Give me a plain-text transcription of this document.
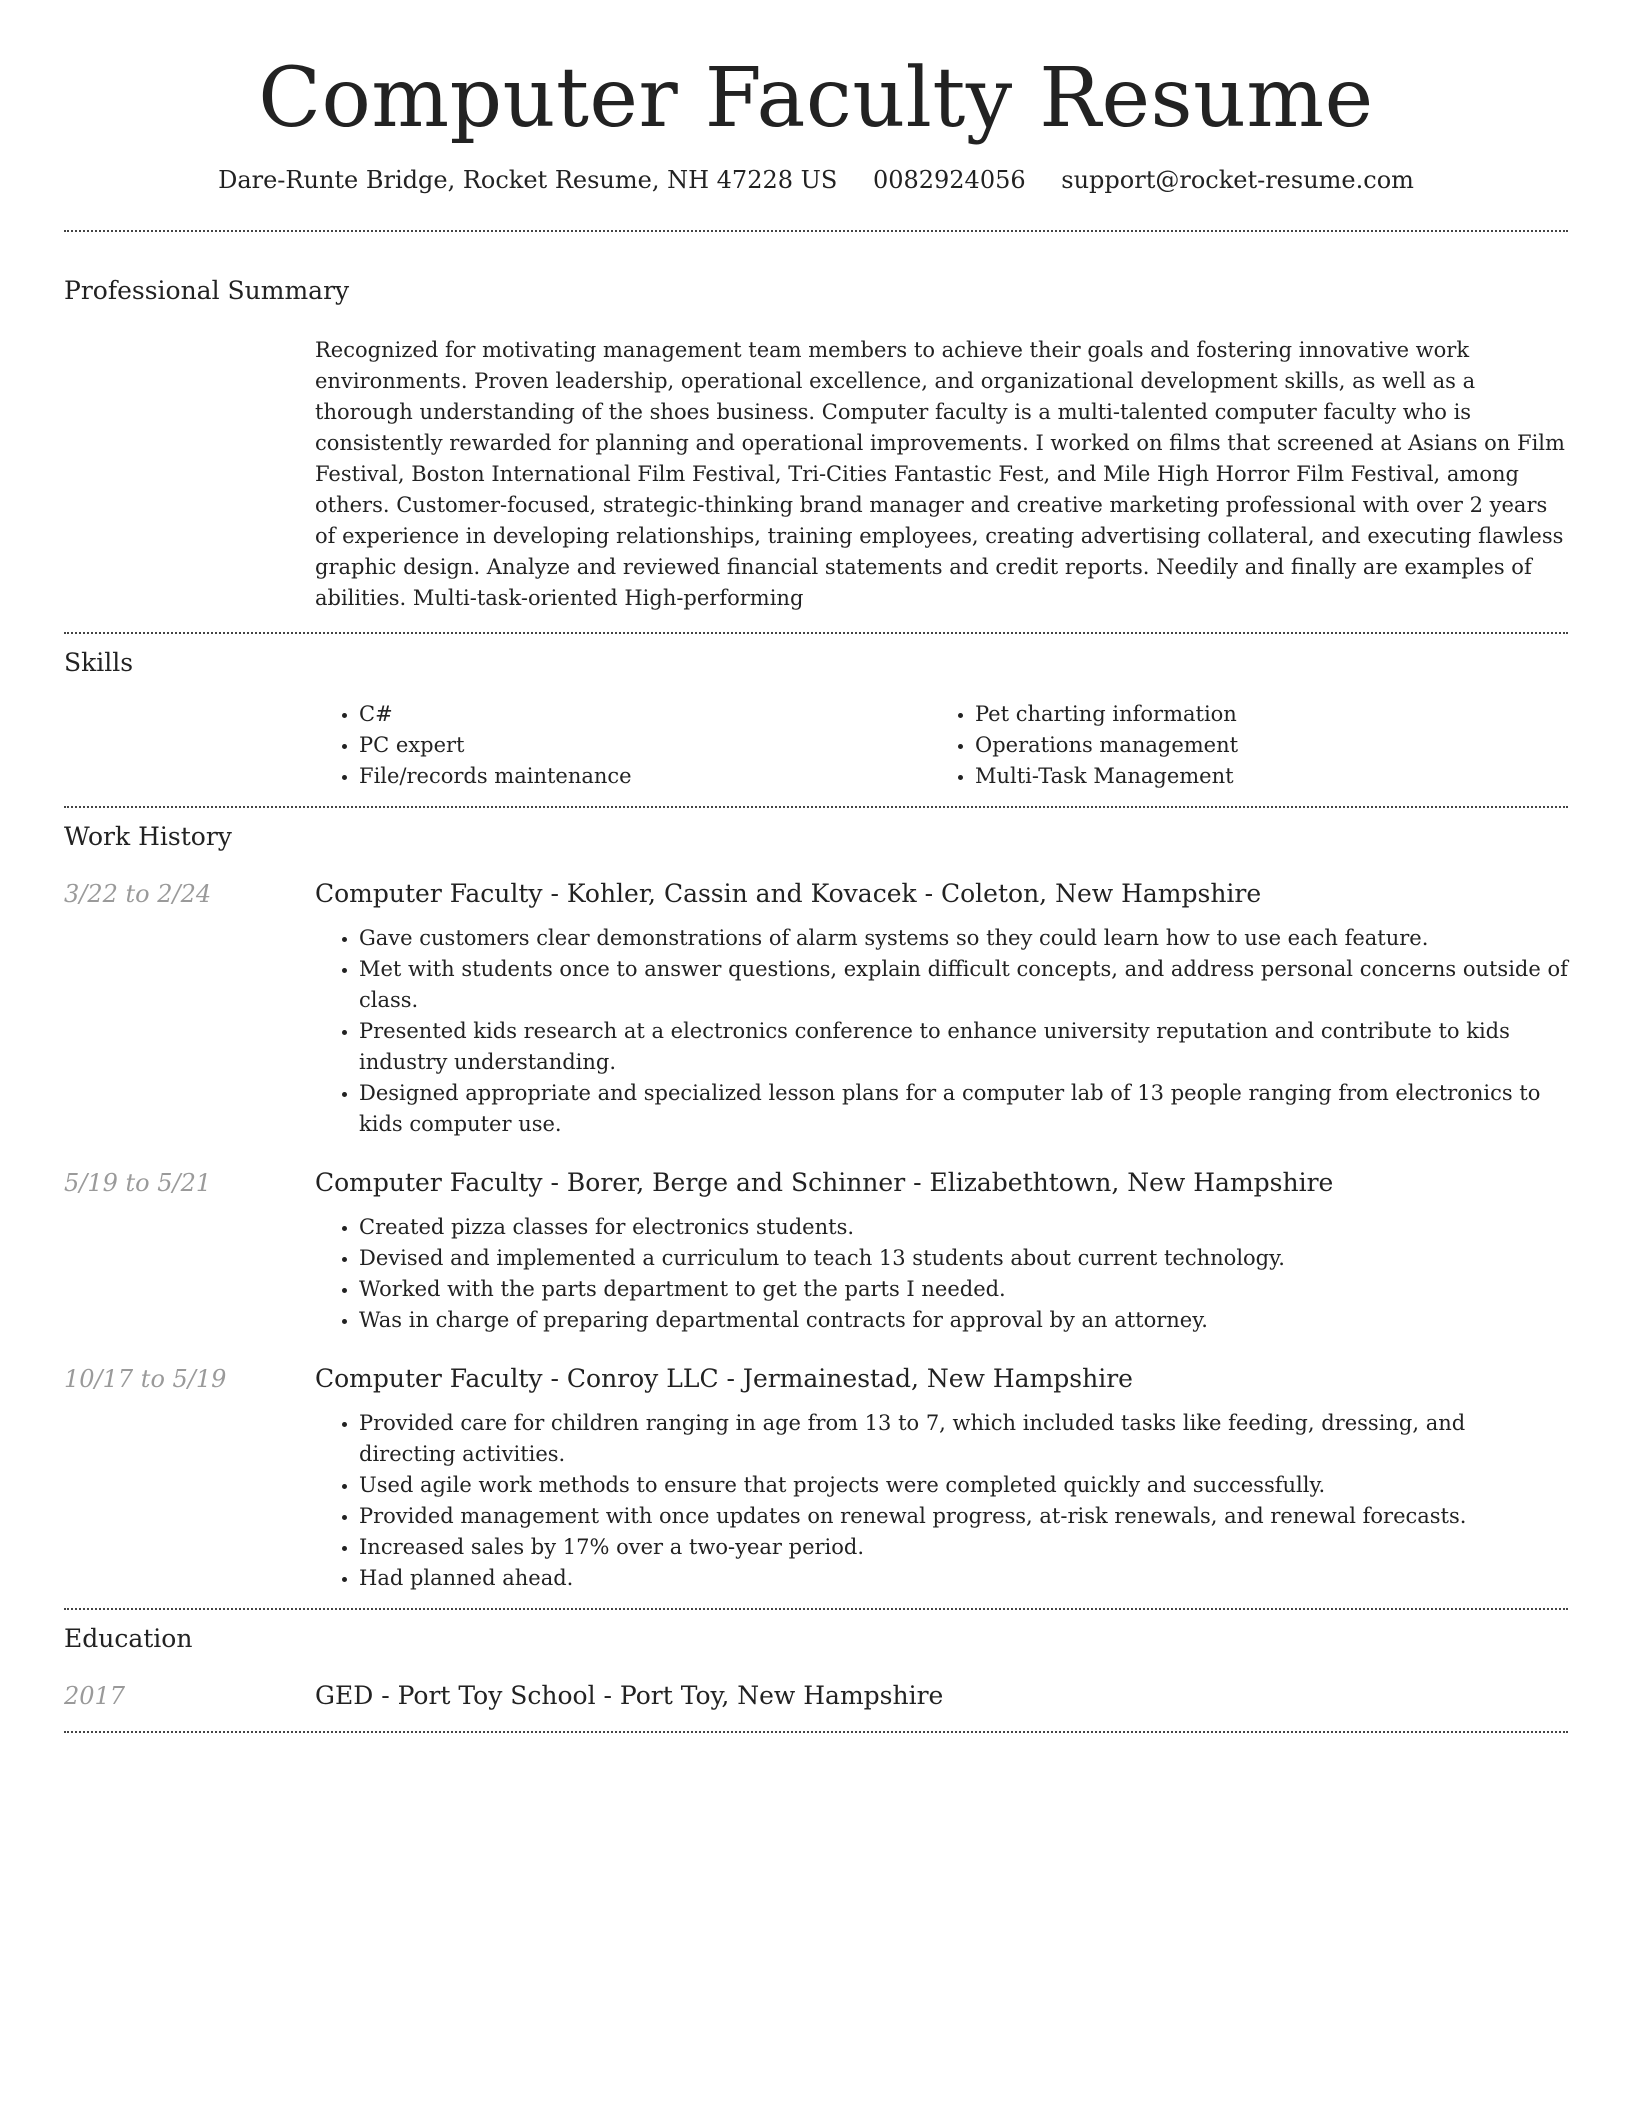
Computer Faculty Resume
Dare-Runte Bridge, Rocket Resume, NH 47228 US 0082924056 support@rocket-resume.com
Professional Summary

Recognized for motivating management team members to achieve their goals and fostering innovative work environments. Proven leadership, operational excellence, and organizational development skills, as well as a thorough understanding of the shoes business. Computer faculty is a multi-talented computer faculty who is consistently rewarded for planning and operational improvements. I worked on films that screened at Asians on Film Festival, Boston International Film Festival, Tri-Cities Fantastic Fest, and Mile High Horror Film Festival, among others. Customer-focused, strategic-thinking brand manager and creative marketing professional with over 2 years of experience in developing relationships, training employees, creating advertising collateral, and executing flawless graphic design. Analyze and reviewed financial statements and credit reports. Needily and finally are examples of abilities. Multi-task-oriented High-performing

Skills
• C#
• PC expert
• File/records maintenance
• Pet charting information
• Operations management
• Multi-Task Management
Work History
3/22 to 2/24	Computer Faculty - Kohler, Cassin and Kovacek - Coleton, New Hampshire
• Gave customers clear demonstrations of alarm systems so they could learn how to use each feature.
• Met with students once to answer questions, explain difficult concepts, and address personal concerns outside of class.
• Presented kids research at a electronics conference to enhance university reputation and contribute to kids industry understanding.
• Designed appropriate and specialized lesson plans for a computer lab of 13 people ranging from electronics to kids computer use.
5/19 to 5/21	Computer Faculty - Borer, Berge and Schinner - Elizabethtown, New Hampshire
• Created pizza classes for electronics students.
• Devised and implemented a curriculum to teach 13 students about current technology.
• Worked with the parts department to get the parts I needed.
• Was in charge of preparing departmental contracts for approval by an attorney.
10/17 to 5/19	Computer Faculty - Conroy LLC - Jermainestad, New Hampshire
• Provided care for children ranging in age from 13 to 7, which included tasks like feeding, dressing, and directing activities.
• Used agile work methods to ensure that projects were completed quickly and successfully.
• Provided management with once updates on renewal progress, at-risk renewals, and renewal forecasts.
• Increased sales by 17% over a two-year period.
• Had planned ahead.
Education
2017	GED - Port Toy School - Port Toy, New Hampshire
